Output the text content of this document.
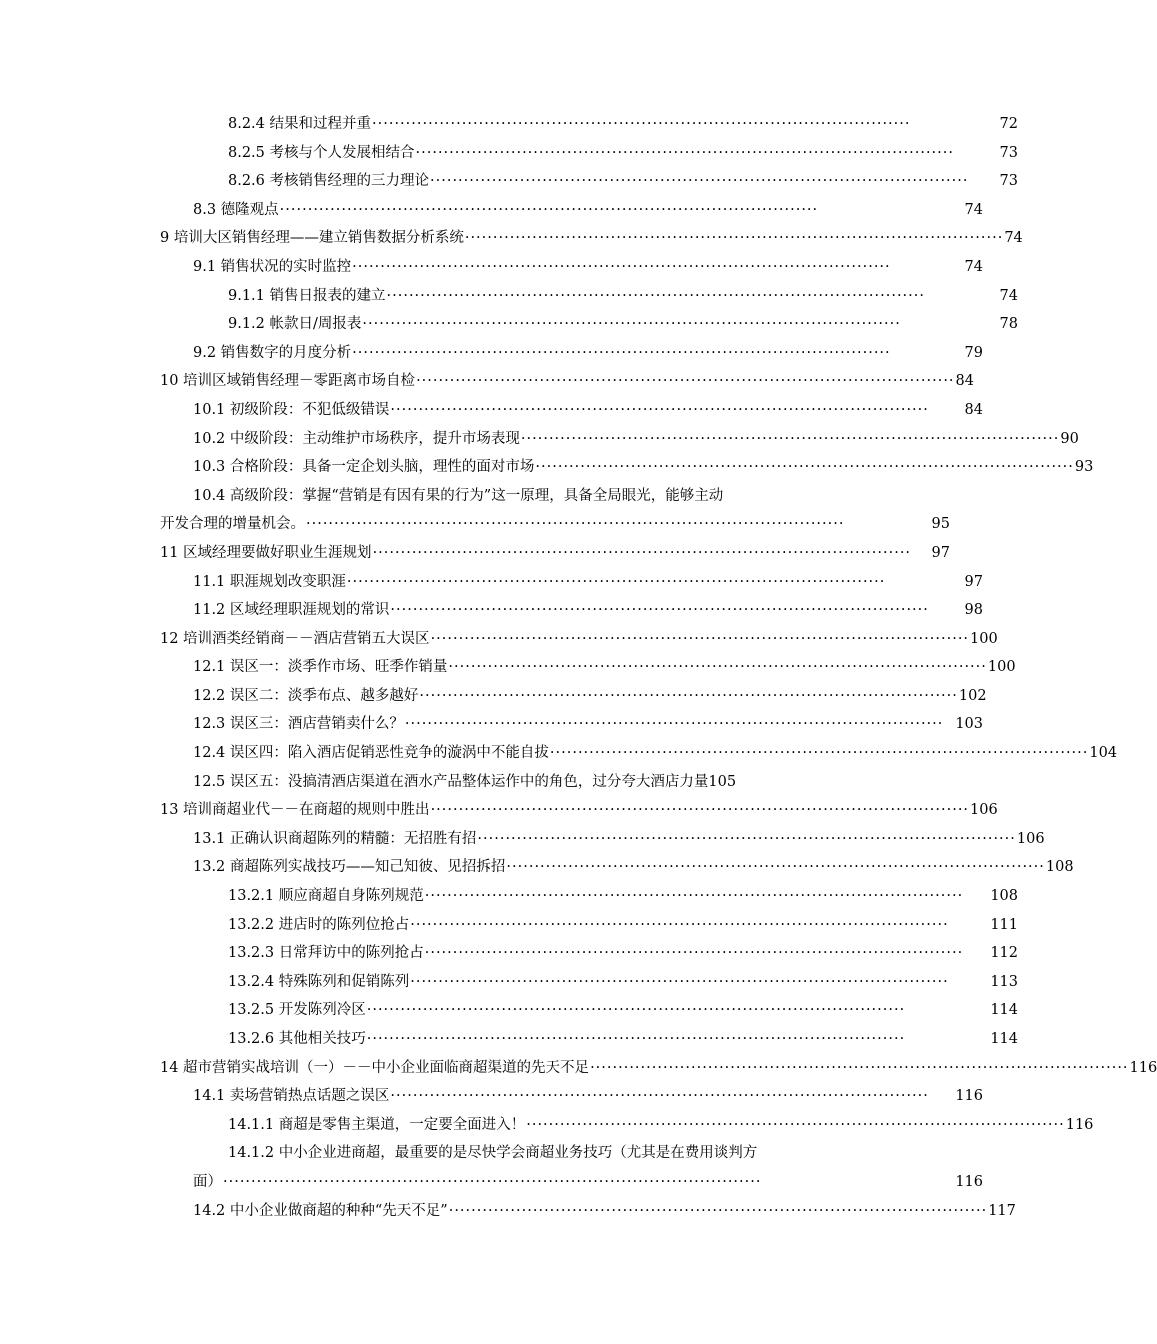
8.2.4 结果和过程并重 ·····	72
8.2.5 考核与个人发展相结合 ·····	73
8.2.6 考核销售经理的三力理论 ·····	73
8.3 德隆观点 ·····	74
9 培训大区销售经理——建立销售数据分析系统 ·····	74
9.1 销售状况的实时监控 ·····	74
9.1.1 销售日报表的建立 ·····	74
9.1.2 帐款日/周报表 ·····	78
9.2 销售数字的月度分析 ·····	79
10 培训区域销售经理－零距离市场自检 ·····	84
10.1 初级阶段：不犯低级错误 ·····	84
10.2 中级阶段：主动维护市场秩序，提升市场表现 ·····	90
10.3 合格阶段：具备一定企划头脑，理性的面对市场 ·····	93
10.4 高级阶段：掌握“营销是有因有果的行为”这一原理，具备全局眼光，能够主动
开发合理的增量机会。 ·····	95
11 区域经理要做好职业生涯规划 ·····	97
11.1 职涯规划改变职涯 ·····	97
11.2 区域经理职涯规划的常识 ·····	98
12 培训酒类经销商－－酒店营销五大误区 ·····	100
12.1 误区一：淡季作市场、旺季作销量 ·····	100
12.2 误区二：淡季布点、越多越好 ·····	102
12.3 误区三：酒店营销卖什么？ ·····	103
12.4 误区四：陷入酒店促销恶性竞争的漩涡中不能自拔 ·····	104
12.5 误区五：没搞清酒店渠道在酒水产品整体运作中的角色，过分夸大酒店力量 105
13 培训商超业代－－在商超的规则中胜出 ·····	106
13.1 正确认识商超陈列的精髓：无招胜有招 ·····	106
13.2 商超陈列实战技巧——知己知彼、见招拆招 ·····	108
13.2.1 顺应商超自身陈列规范 ·····	108
13.2.2 进店时的陈列位抢占 ·····	111
13.2.3 日常拜访中的陈列抢占 ·····	112
13.2.4 特殊陈列和促销陈列 ·····	113
13.2.5 开发陈列冷区 ·····	114
13.2.6 其他相关技巧 ·····	114
14 超市营销实战培训（一）－－中小企业面临商超渠道的先天不足 ·····	116
14.1 卖场营销热点话题之误区 ·····	116
14.1.1 商超是零售主渠道，一定要全面进入！ ·····	116
14.1.2 中小企业进商超，最重要的是尽快学会商超业务技巧（尤其是在费用谈判方
面） ·····	116
14.2 中小企业做商超的种种“先天不足” ·····	117
